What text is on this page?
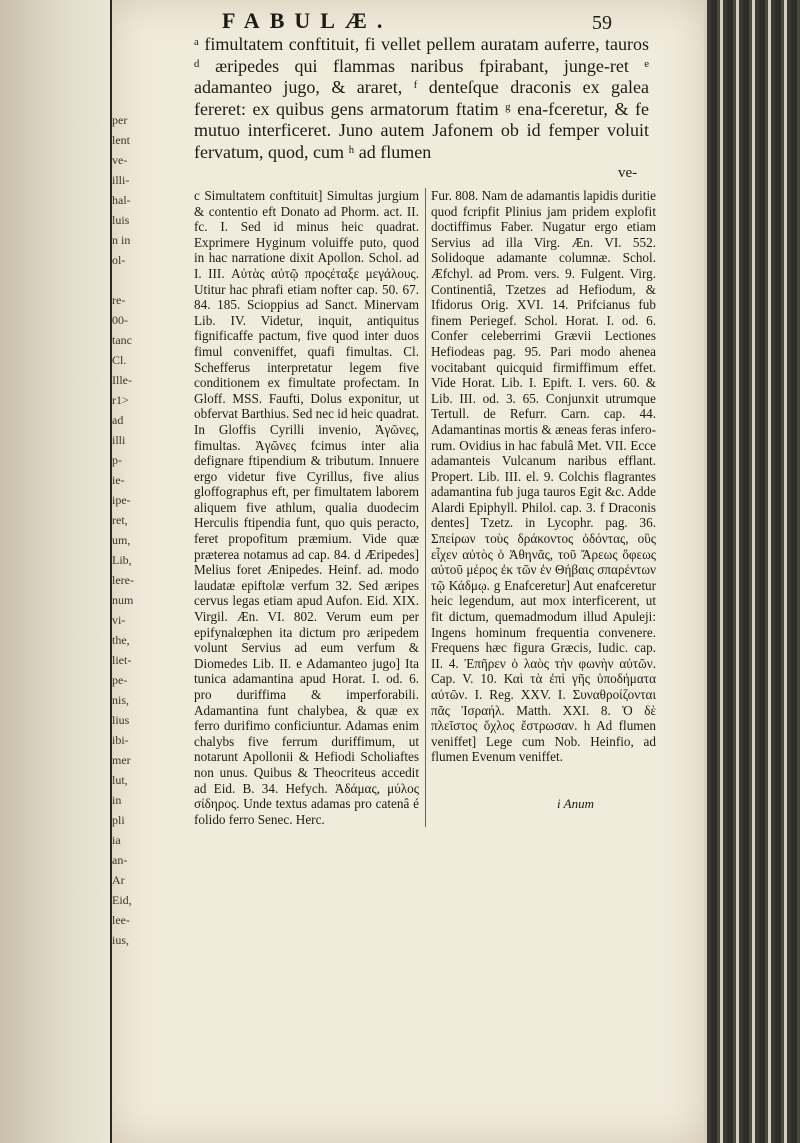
per
lent
ve-
illi-
hal-
luis
n in
ol-

re-
00-
tanc
Cl.
Ille-
r1>
ad
illi
p-
ie-
ipe-
ret,
um,
Lib,
lere-
num
vi-
the,
liet-
pe-
nis,
lius
ibi-
mer
lut,
in
pli
ia
an-
Ar
Eid,
lee-
ius,
FABULÆ.	59
ᵃ fimultatem conftituit, fi vellet pellem auratam auferre, tauros ᵈ æripedes qui flammas naribus fpirabant, junge-ret ᵉ adamanteo jugo, & araret, ᶠ denteſque draconis ex galea fereret: ex quibus gens armatorum ftatim ᵍ ena-fceretur, & fe mutuo interficeret. Juno autem Jafonem ob id femper voluit fervatum, quod, cum ʰ ad flumen
ve-
c Simultatem conftituit] Simultas jurgium & contentio eft Donato ad Phorm. act. II. fc. I. Sed id minus heic quadrat. Exprimere Hyginum voluiffe puto, quod in hac narratione dixit Apollon. Schol. ad I. III. Αὐτὰς αὐτῷ προςέταξε μεγάλους. Utitur hac phrafi etiam nofter cap. 50. 67. 84. 185. Scioppius ad Sanct. Minervam Lib. IV. Videtur, inquit, antiquitus fignificaffe pactum, five quod inter duos fimul conveniffet, quafi fimultas. Cl. Schefferus interpretatur legem five conditionem ex fimultate profectam. In Gloff. MSS. Faufti, Dolus exponitur, ut obfervat Barthius. Sed nec id heic quadrat. In Gloffis Cyrilli invenio, Ἀγῶνες, fimultas. Ἀγῶνες fcimus inter alia defignare ftipendium & tributum. Innuere ergo videtur five Cyrillus, five alius gloffographus eft, per fimultatem laborem aliquem five athlum, qualia duodecim Herculis ftipendia funt, quo quis peracto, feret propofitum præmium. Vide quæ præterea notamus ad cap. 84. d Æripedes] Melius foret Ænipedes. Heinf. ad. modo laudatæ epiftolæ verfum 32. Sed æripes cervus legas etiam apud Aufon. Eid. XIX. Virgil. Æn. VI. 802. Verum eum per epifynalœphen ita dictum pro æripedem volunt Servius ad eum verfum & Diomedes Lib. II. e Adamanteo jugo] Ita tunica adamantina apud Horat. I. od. 6. pro duriffima & imperforabili. Adamantina funt chalybea, & quæ ex ferro durifimo conficiuntur. Adamas enim chalybs five ferrum duriffimum, ut notarunt Apollonii & Hefiodi Scholiaftes non unus. Quibus & Theocriteus accedit ad Eid. B. 34. Hefych. Ἀδάμας, μύλος σίδηρος. Unde textus adamas pro catenâ é folido ferro Senec. Herc.
Fur. 808. Nam de adamantis lapidis duritie quod fcripfit Plinius jam pridem explofit doctiffimus Faber. Nugatur ergo etiam Servius ad illa Virg. Æn. VI. 552. Solidoque adamante columnæ. Schol. Æfchyl. ad Prom. vers. 9. Fulgent. Virg. Continentiâ, Tzetzes ad Hefiodum, & Ifidorus Orig. XVI. 14. Prifcianus fub finem Periegef. Schol. Horat. I. od. 6. Confer celeberrimi Grævii Lectiones Hefiodeas pag. 95. Pari modo ahenea vocitabant quicquid firmiffimum effet. Vide Horat. Lib. I. Epift. I. vers. 60. & Lib. III. od. 3. 65. Conjunxit utrumque Tertull. de Refurr. Carn. cap. 44. Adamantinas mortis & æneas feras infero-rum. Ovidius in hac fabulâ Met. VII. Ecce adamanteis Vulcanum naribus efflant. Propert. Lib. III. el. 9. Colchis flagrantes adamantina fub juga tauros Egit &c. Adde Alardi Epiphyll. Philol. cap. 3. f Draconis dentes] Tzetz. in Lycophr. pag. 36. Σπείρων τοὺς δράκοντος ὀδόντας, οὓς εἶχεν αὐτὸς ὁ Ἀθηνᾶς, τοῦ Ἄρεως ὄφεως αὐτοῦ μέρος ἐκ τῶν ἐν Θήβαις σπαρέντων τῷ Κάδμῳ. g Enafceretur] Aut enafceretur heic legendum, aut mox interficerent, ut fit dictum, quemadmodum illud Apuleji: Ingens hominum frequentia convenere. Frequens hæc figura Græcis, Iudic. cap. II. 4. Ἐπῆρεν ὁ λαὸς τὴν φωνὴν αὐτῶν. Cap. V. 10. Καὶ τὰ ἐπὶ γῆς ὑποδήματα αὐτῶν. I. Reg. XXV. I. Συναθροίζονται πᾶς Ἰσραήλ. Matth. XXI. 8. Ὁ δὲ πλεῖστος ὄχλος ἔστρωσαν. h Ad flumen veniffet] Lege cum Nob. Heinfio, ad flumen Evenum veniffet.
i Anum
